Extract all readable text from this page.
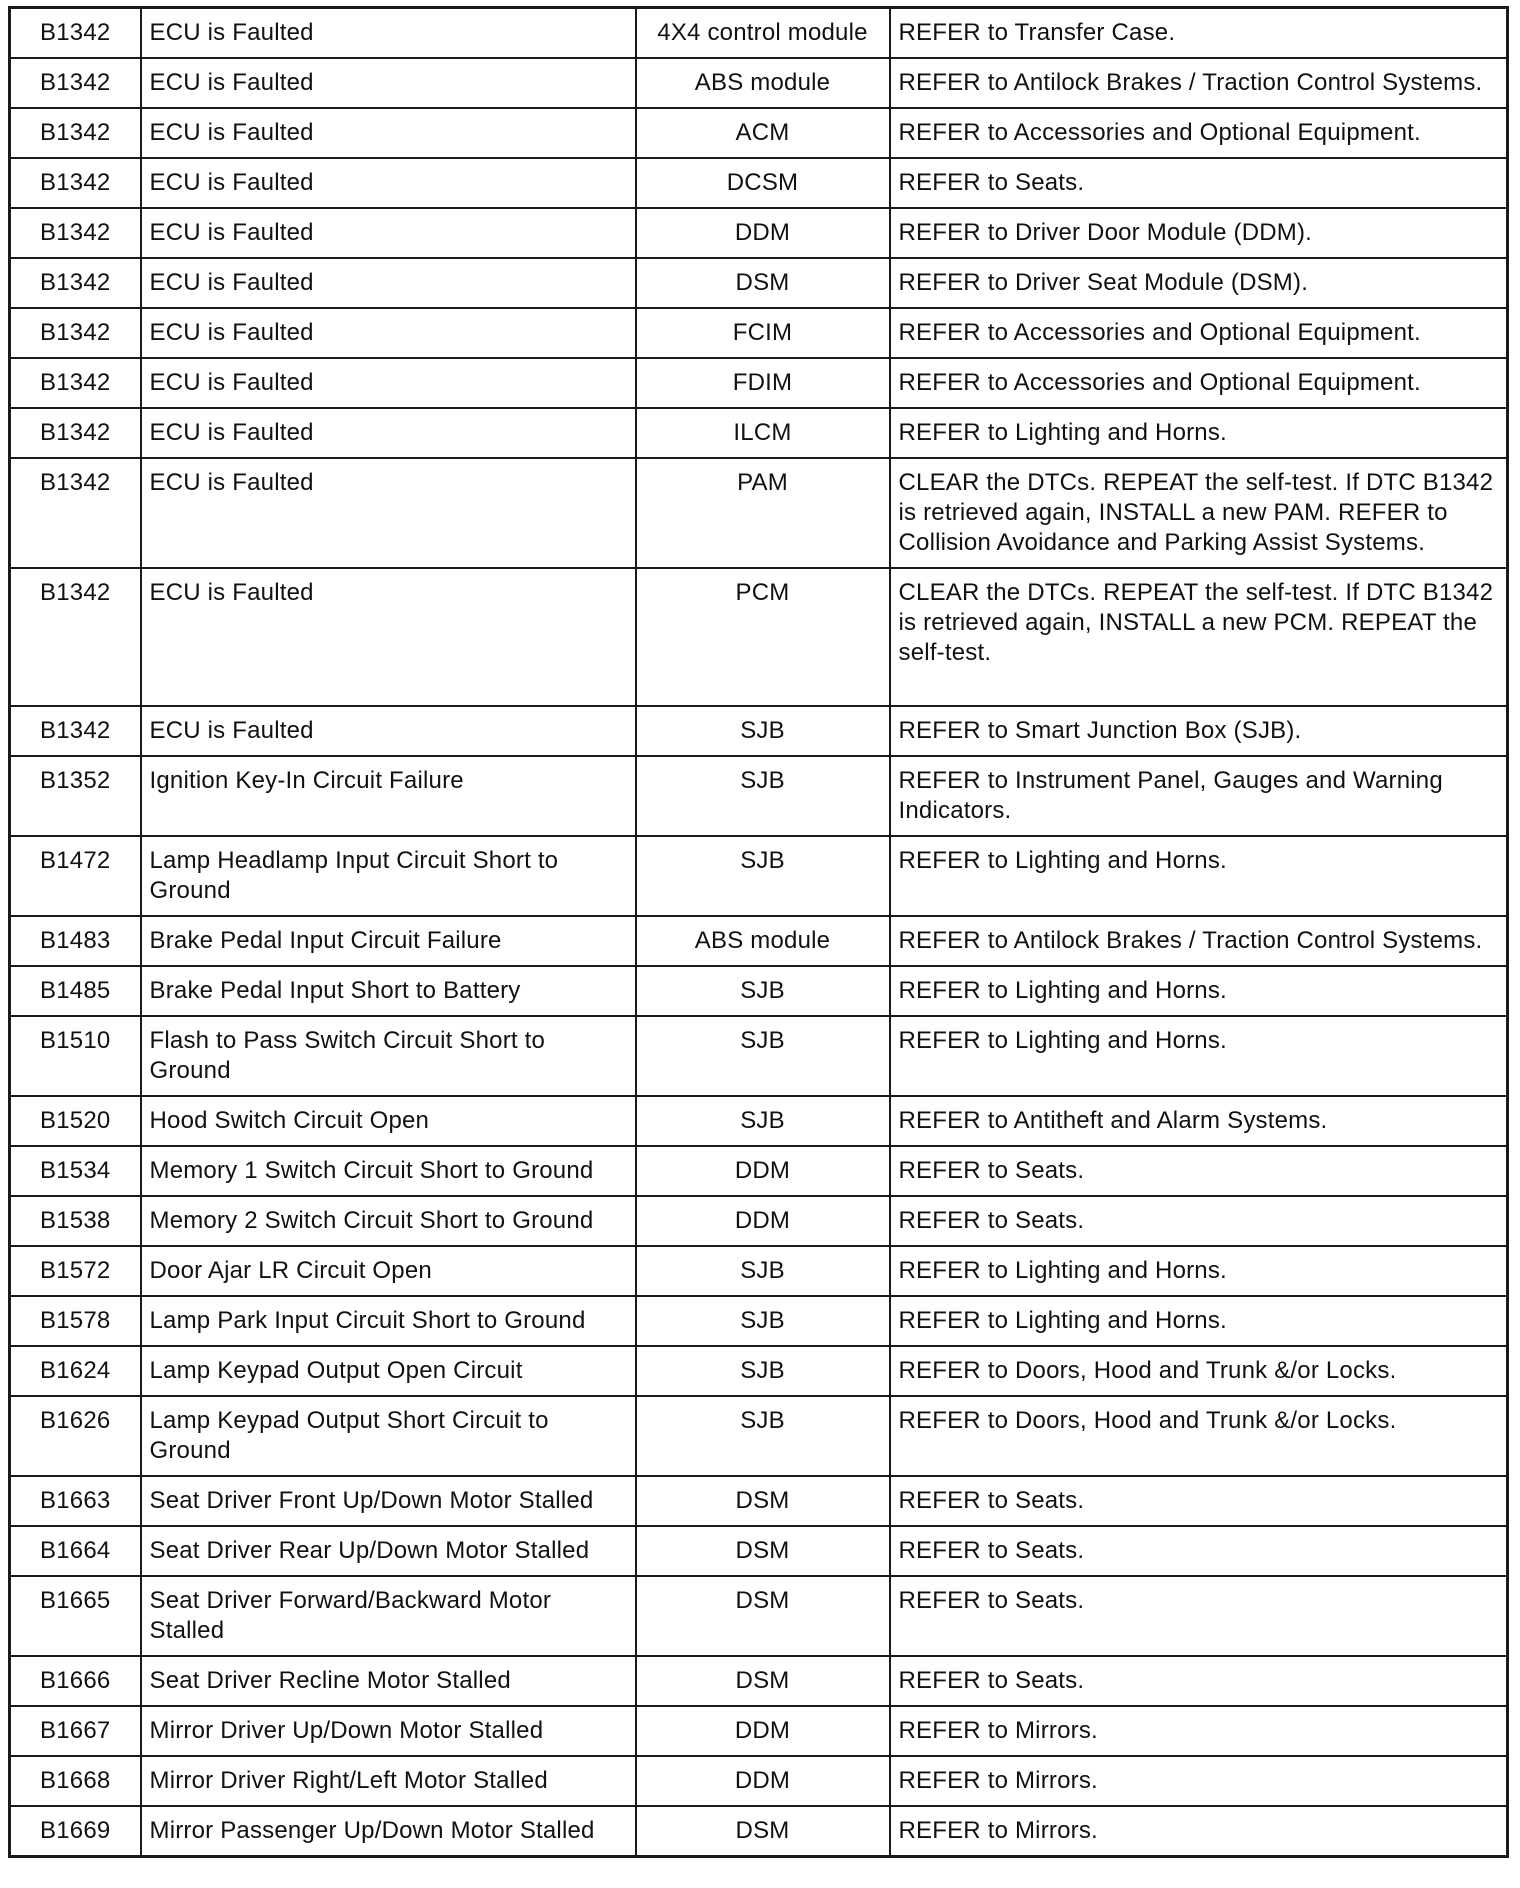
B1342	ECU is Faulted	4X4 control module	REFER to Transfer Case.
B1342	ECU is Faulted	ABS module	REFER to Antilock Brakes / Traction Control Systems.
B1342	ECU is Faulted	ACM	REFER to Accessories and Optional Equipment.
B1342	ECU is Faulted	DCSM	REFER to Seats.
B1342	ECU is Faulted	DDM	REFER to Driver Door Module (DDM).
B1342	ECU is Faulted	DSM	REFER to Driver Seat Module (DSM).
B1342	ECU is Faulted	FCIM	REFER to Accessories and Optional Equipment.
B1342	ECU is Faulted	FDIM	REFER to Accessories and Optional Equipment.
B1342	ECU is Faulted	ILCM	REFER to Lighting and Horns.
B1342	ECU is Faulted	PAM	CLEAR the DTCs. REPEAT the self-test. If DTC B1342 is retrieved again, INSTALL a new PAM. REFER to Collision Avoidance and Parking Assist Systems.
B1342	ECU is Faulted	PCM	CLEAR the DTCs. REPEAT the self-test. If DTC B1342 is retrieved again, INSTALL a new PCM. REPEAT the self-test.
B1342	ECU is Faulted	SJB	REFER to Smart Junction Box (SJB).
B1352	Ignition Key-In Circuit Failure	SJB	REFER to Instrument Panel, Gauges and Warning Indicators.
B1472	Lamp Headlamp Input Circuit Short to Ground	SJB	REFER to Lighting and Horns.
B1483	Brake Pedal Input Circuit Failure	ABS module	REFER to Antilock Brakes / Traction Control Systems.
B1485	Brake Pedal Input Short to Battery	SJB	REFER to Lighting and Horns.
B1510	Flash to Pass Switch Circuit Short to Ground	SJB	REFER to Lighting and Horns.
B1520	Hood Switch Circuit Open	SJB	REFER to Antitheft and Alarm Systems.
B1534	Memory 1 Switch Circuit Short to Ground	DDM	REFER to Seats.
B1538	Memory 2 Switch Circuit Short to Ground	DDM	REFER to Seats.
B1572	Door Ajar LR Circuit Open	SJB	REFER to Lighting and Horns.
B1578	Lamp Park Input Circuit Short to Ground	SJB	REFER to Lighting and Horns.
B1624	Lamp Keypad Output Open Circuit	SJB	REFER to Doors, Hood and Trunk &/or Locks.
B1626	Lamp Keypad Output Short Circuit to Ground	SJB	REFER to Doors, Hood and Trunk &/or Locks.
B1663	Seat Driver Front Up/Down Motor Stalled	DSM	REFER to Seats.
B1664	Seat Driver Rear Up/Down Motor Stalled	DSM	REFER to Seats.
B1665	Seat Driver Forward/Backward Motor Stalled	DSM	REFER to Seats.
B1666	Seat Driver Recline Motor Stalled	DSM	REFER to Seats.
B1667	Mirror Driver Up/Down Motor Stalled	DDM	REFER to Mirrors.
B1668	Mirror Driver Right/Left Motor Stalled	DDM	REFER to Mirrors.
B1669	Mirror Passenger Up/Down Motor Stalled	DSM	REFER to Mirrors.
